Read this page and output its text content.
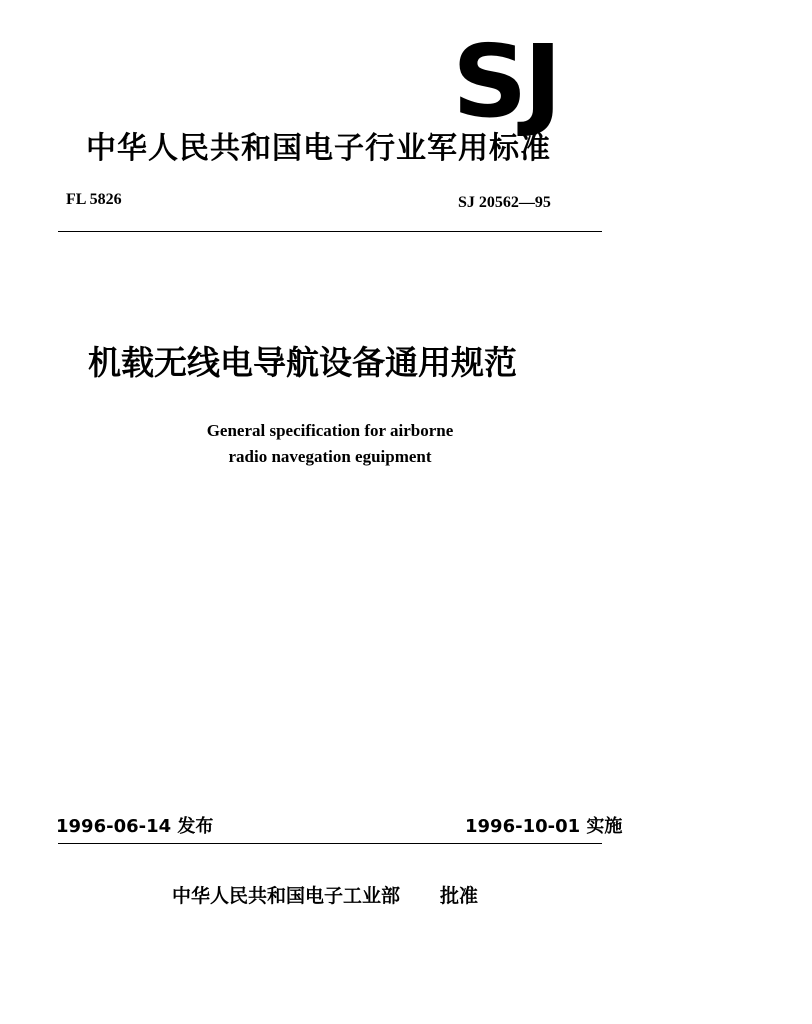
SJ
中华人民共和国电子行业军用标准
FL 5826	SJ 20562—95
机载无线电导航设备通用规范
General specification for airborne
radio navegation eguipment
1996-06-14 发布	1996-10-01 实施
中华人民共和国电子工业部 批准
